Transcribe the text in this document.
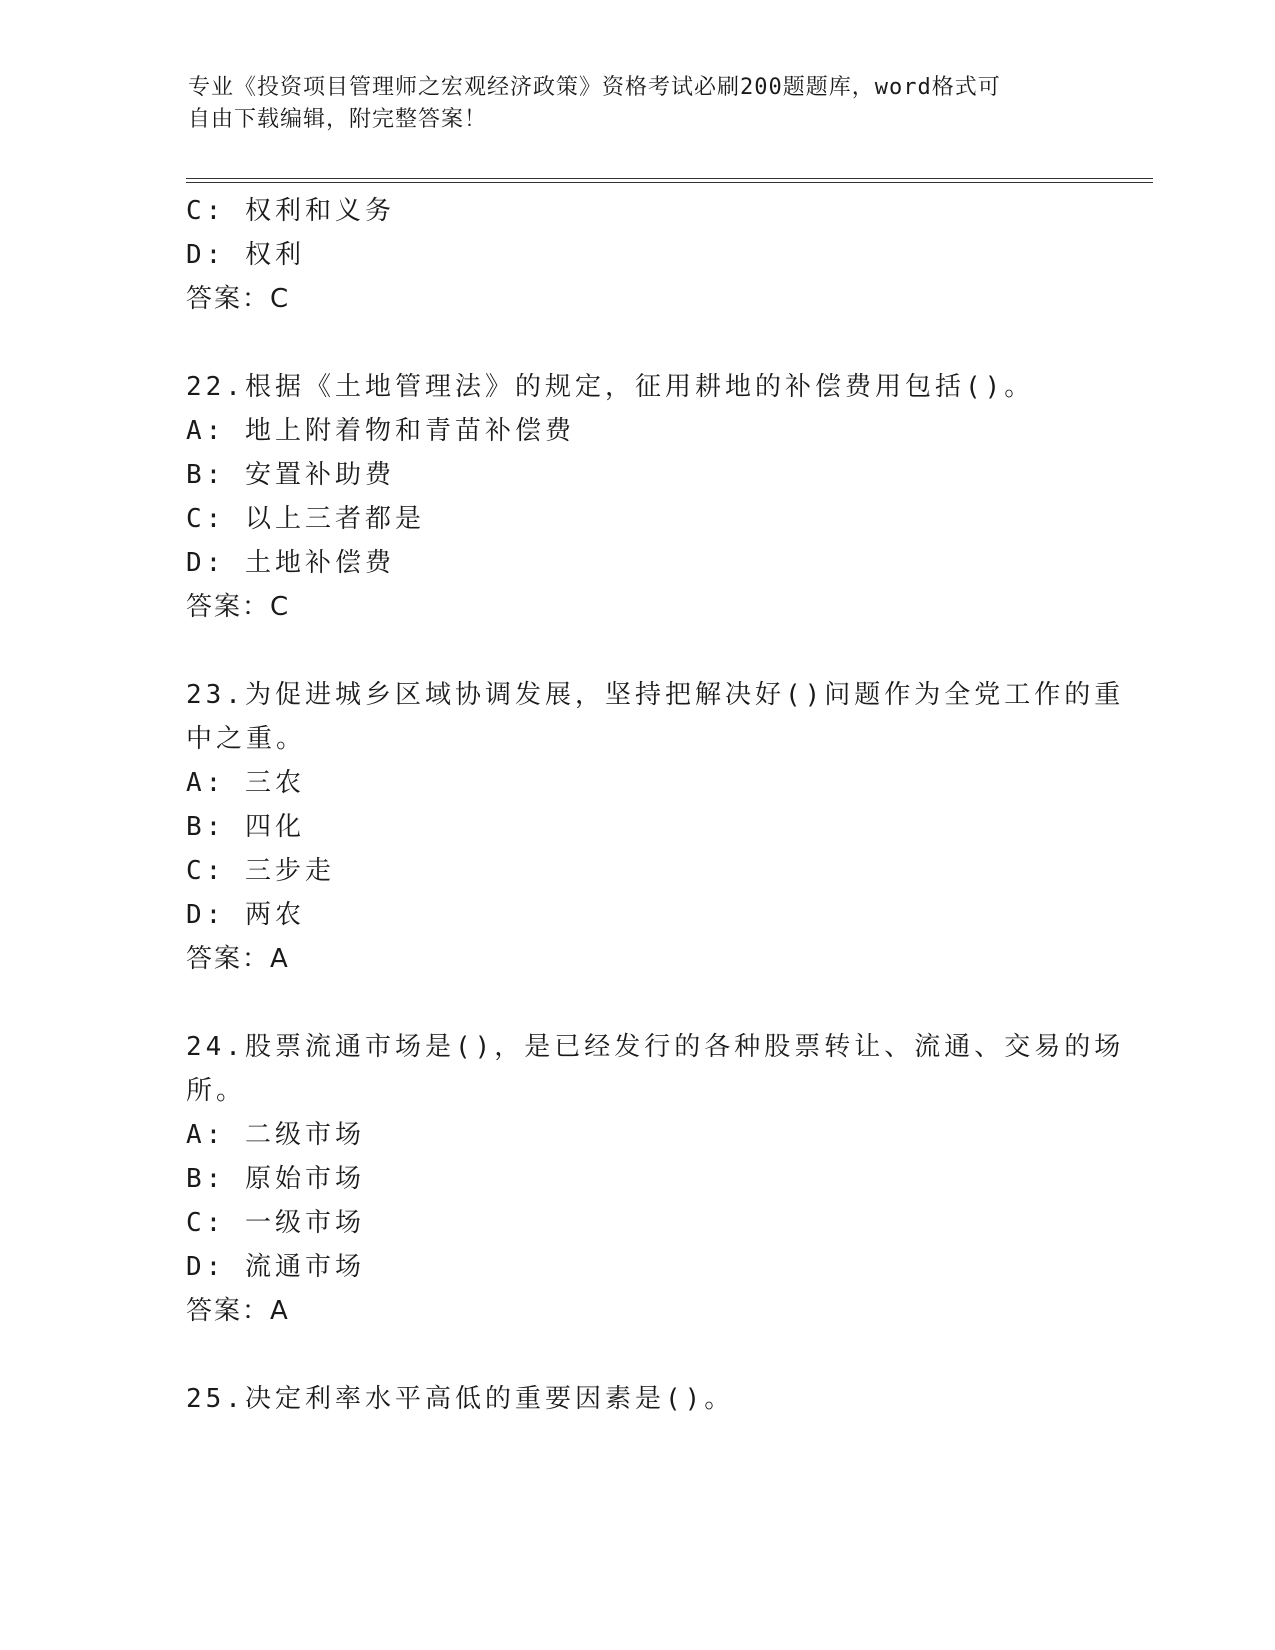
专业《投资项目管理师之宏观经济政策》资格考试必刷200题题库，word格式可
自由下载编辑，附完整答案！
C: 权利和义务
D: 权利
答案：C
22.根据《土地管理法》的规定，征用耕地的补偿费用包括()。
A: 地上附着物和青苗补偿费
B: 安置补助费
C: 以上三者都是
D: 土地补偿费
答案：C
23.为促进城乡区域协调发展，坚持把解决好()问题作为全党工作的重
中之重。
A: 三农
B: 四化
C: 三步走
D: 两农
答案：A
24.股票流通市场是()，是已经发行的各种股票转让、流通、交易的场
所。
A: 二级市场
B: 原始市场
C: 一级市场
D: 流通市场
答案：A
25.决定利率水平高低的重要因素是()。
